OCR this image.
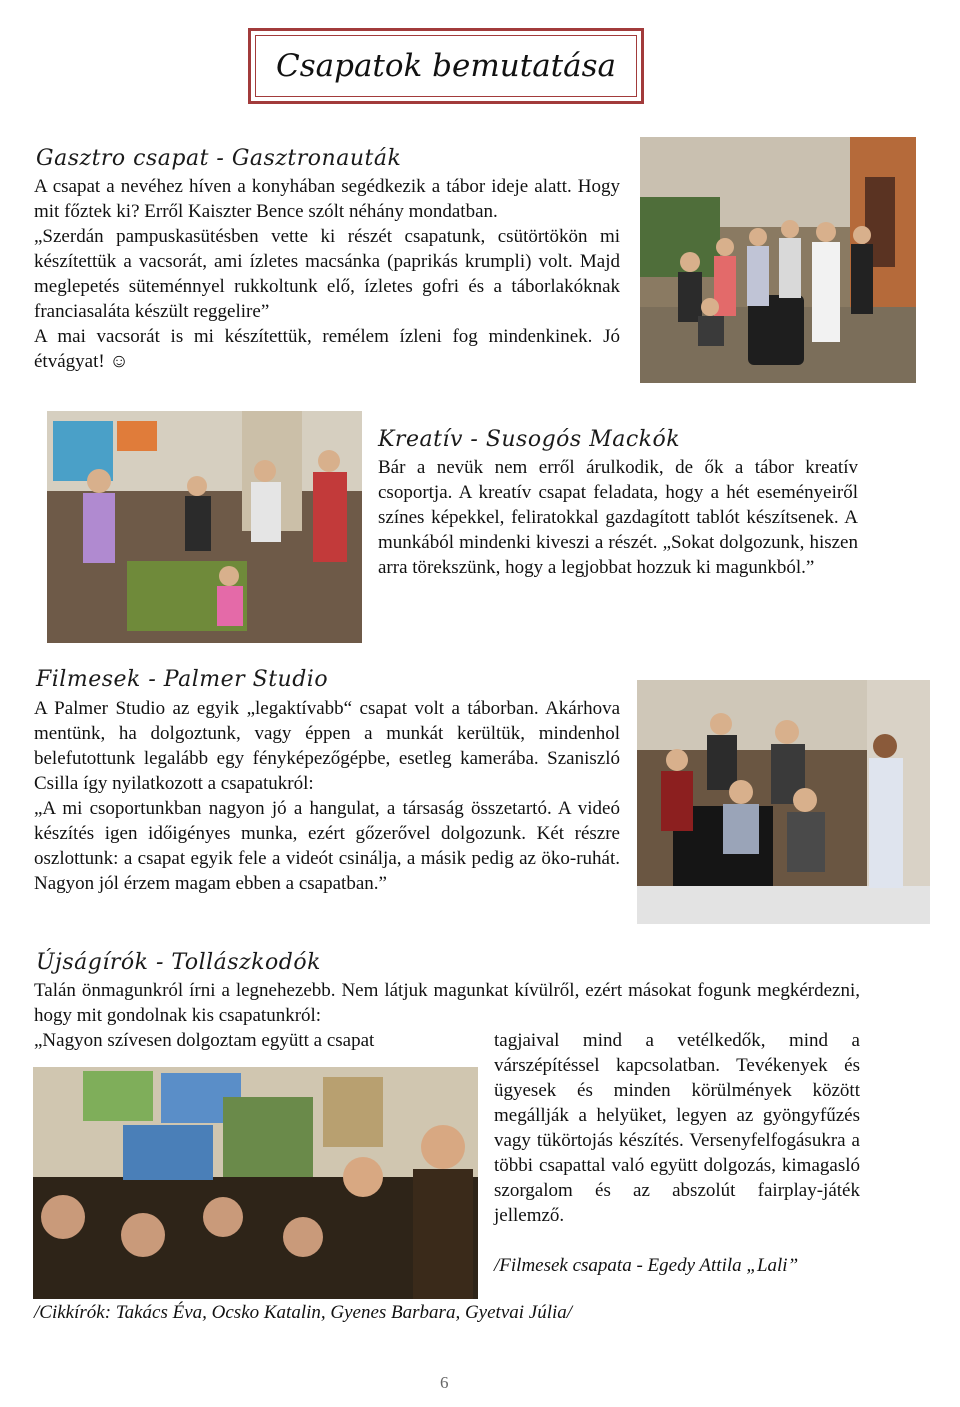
Csapatok bemutatása
Gasztro csapat - Gasztronauták

A csapat a nevéhez híven a konyhában segédkezik a tábor ideje alatt. Hogy mit főztek ki? Erről Kaiszter Bence szólt néhány mondatban.

„Szerdán pampuskasütésben vette ki részét csapatunk, csütörtökön mi készítettük a vacsorát, ami ízletes macsánka (paprikás krumpli) volt. Majd meglepetés süteménnyel rukkoltunk elő, ízletes gofri és a táborlakóknak franciasaláta készült reggelire”

A mai vacsorát is mi készítettük, remélem ízleni fog mindenkinek. Jó étvágyat! ☺

Kreatív - Susogós Mackók

Bár a nevük nem erről árulkodik, de ők a tábor kreatív csoportja. A kreatív csapat feladata, hogy a hét eseményeiről színes képekkel, feliratokkal gazdagított tablót készítsenek. A munkából mindenki kiveszi a részét. „Sokat dolgozunk, hiszen arra törekszünk, hogy a legjobbat hozzuk ki magunkból.”

Filmesek - Palmer Studio

A Palmer Studio az egyik „legaktívabb“ csapat volt a táborban. Akárhova mentünk, ha dolgoztunk, vagy éppen a munkát kerültük, mindenhol belefutottunk legalább egy fényképezőgépbe, esetleg kamerába. Szaniszló Csilla így nyilatkozott a csapatukról:

„A mi csoportunkban nagyon jó a hangulat, a társaság összetartó. A videó készítés igen időigényes munka, ezért gőzerővel dolgozunk. Két részre oszlottunk: a csapat egyik fele a videót csinálja, a másik pedig az öko-ruhát. Nagyon jól érzem magam ebben a csapatban.”

Újságírók - Tollászkodók

Talán önmagunkról írni a legnehezebb. Nem látjuk magunkat kívülről, ezért másokat fogunk megkérdezni, hogy mit gondolnak kis csapatunkról:

„Nagyon szívesen dolgoztam együtt a csapat	tagjaival mind a vetélkedők, mind a várszépítéssel kapcsolatban. Tevékenyek és ügyesek és minden körülmények között megállják a helyüket, legyen az gyöngyfűzés vagy tükörtojás készítés. Versenyfelfogásukra a többi csapattal való együtt dolgozás, kimagasló szorgalom és az abszolút fairplay-játék jellemző.
/Filmesek csapata - Egedy Attila „Lali”
/Cikkírók: Takács Éva, Ocsko Katalin, Gyenes Barbara, Gyetvai Júlia/
6
